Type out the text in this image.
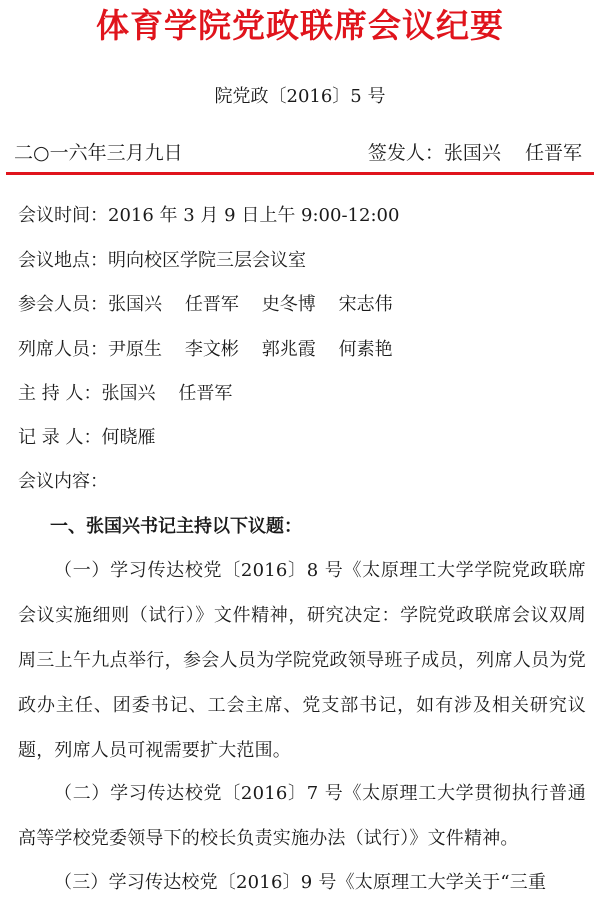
体育学院党政联席会议纪要
院党政〔2016〕5 号
二○一六年三月九日	签发人：张国兴    任晋军
会议时间：2016 年 3 月 9 日上午 9:00-12:00
会议地点：明向校区学院三层会议室
参会人员：张国兴    任晋军    史冬博    宋志伟
列席人员：尹原生    李文彬    郭兆霞    何素艳
主 持 人：张国兴    任晋军
记 录 人：何晓雁
会议内容：
一、张国兴书记主持以下议题：
（一）学习传达校党〔2016〕8 号《太原理工大学学院党政联席会议实施细则（试行）》文件精神，研究决定：学院党政联席会议双周周三上午九点举行，参会人员为学院党政领导班子成员，列席人员为党政办主任、团委书记、工会主席、党支部书记，如有涉及相关研究议题，列席人员可视需要扩大范围。
（二）学习传达校党〔2016〕7 号《太原理工大学贯彻执行普通高等学校党委领导下的校长负责实施办法（试行）》文件精神。
（三）学习传达校党〔2016〕9 号《太原理工大学关于“三重
